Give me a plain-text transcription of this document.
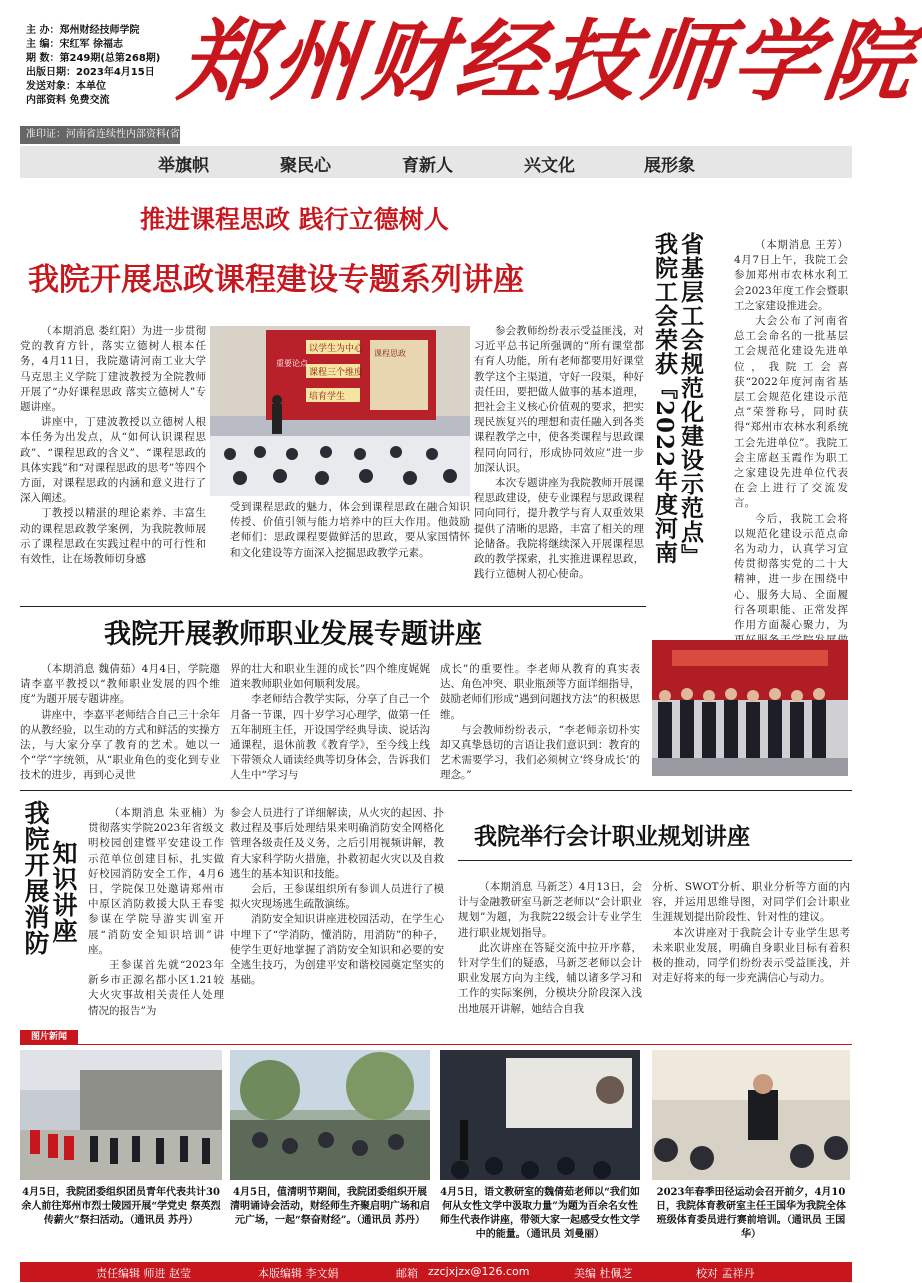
主 办：郑州财经技师学院
主 编：宋红军 徐福志
期 数：第249期(总第268期)
出版日期：2023年4月15日
发送对象：本单位
内部资料 免费交流 郑州财经技师学院
准印证：河南省连续性内部资料(省
举旗帜	聚民心	育新人	兴文化	展形象
推进课程思政 践行立德树人
我院开展思政课程建设专题系列讲座

（本期消息 娄红阳）为进一步贯彻党的教育方针，落实立德树人根本任务，4月11日，我院邀请河南工业大学马克思主义学院丁建波教授为全院教师开展了“办好课程思政 落实立德树人”专题讲座。

讲座中，丁建波教授以立德树人根本任务为出发点，从“如何认识课程思政”、“课程思政的含义”、“课程思政的具体实践”和“对课程思政的思考”等四个方面，对课程思政的内涵和意义进行了深入阐述。

丁教授以精湛的理论素养、丰富生动的课程思政教学案例，为我院教师展示了课程思政在实践过程中的可行性和有效性，让在场教师切身感

以学生为中心
课程三个维度
培育学生
重要论点
课程思政

受到课程思政的魅力，体会到课程思政在融合知识传授、价值引领与能力培养中的巨大作用。他鼓励老师们：思政课程要做鲜活的思政，要从家国情怀和文化建设等方面深入挖掘思政教学元素。

参会教师纷纷表示受益匪浅，对习近平总书记所强调的“所有课堂都有育人功能，所有老师都要用好课堂教学这个主渠道，守好一段渠，种好责任田，要把做人做事的基本道理，把社会主义核心价值观的要求，把实现民族复兴的理想和责任融入到各类课程教学之中，使各类课程与思政课程同向同行，形成协同效应”进一步加深认识。

本次专题讲座为我院教师开展课程思政建设，使专业课程与思政课程同向同行，提升教学与育人双重效果提供了清晰的思路，丰富了相关的理论储备。我院将继续深入开展课程思政的教学探索，扎实推进课程思政，践行立德树人初心使命。

省基层工会规范化建设示范点』
我院工会荣获『2022年度河南	（本期消息 王芳）4月7日上午，我院工会参加郑州市农林水利工会2023年度工作会暨职工之家建设推进会。

大会公布了河南省总工会命名的一批基层工会规范化建设先进单位，我院工会喜获“2022年度河南省基层工会规范化建设示范点”荣誉称号，同时获得“郑州市农林水利系统工会先进单位”。我院工会主席赵玉霞作为职工之家建设先进单位代表在会上进行了交流发言。

今后，我院工会将以规范化建设示范点命名为动力，认真学习宣传贯彻落实党的二十大精神，进一步在围绕中心、服务大局、全面履行各项职能、正常发挥作用方面凝心聚力，为

我院开展教师职业发展专题讲座

（本期消息 魏倩茹）4月4日，学院邀请李嘉平教授以“教师职业发展的四个维度”为题开展专题讲座。

讲座中，李嘉平老师结合自己三十余年的从教经验，以生动的方式和鲜活的实操方法，与大家分享了教育的艺术。她以一个“学”字统领，从“职业角色的变化到专业技术的进步，再到心灵世

界的壮大和职业生涯的成长”四个维度娓娓道来教师职业如何顺利发展。

李老师结合教学实际，分享了自己一个月备一节课，四十岁学习心理学，做第一任五年制班主任，开设国学经典导读、说话沟通课程，退休前教《教育学》，至今线上线下带领众人诵读经典等切身体会，告诉我们人生中“学习与

成长”的重要性。李老师从教育的真实表达、角色冲突、职业瓶颈等方面详细指导，鼓励老师们形成“遇到问题找方法”的积极思维。

与会教师纷纷表示，“李老师亲切朴实却又真挚恳切的言语让我们意识到：教育的艺术需要学习，我们必须树立‘终身成长’的理念。”

我院开展消防 知识讲座

（本期消息 朱亚楠）为贯彻落实学院2023年省级文明校园创建暨平安建设工作示范单位创建目标，扎实做好校园消防安全工作，4月6日，学院保卫处邀请郑州市中原区消防救援大队王春雯参谋在学院导游实训室开展“消防安全知识培训”讲座。

王参谋首先就“2023年新乡市正源名都小区1.21较大火灾事故相关责任人处理情况的报告”为

参会人员进行了详细解读，从火灾的起因、扑救过程及事后处理结果来明确消防安全网格化管理各级责任及义务，之后引用视频讲解，教育大家科学防火措施，扑救初起火灾以及自救逃生的基本知识和技能。

会后，王参谋组织所有参训人员进行了模拟火灾现场逃生疏散演练。

消防安全知识讲座进校园活动，在学生心中埋下了“学消防，懂消防，用消防”的种子，使学生更好地掌握了消防安全知识和必要的安全逃生技巧，为创建平安和谐校园奠定坚实的基础。

我院举行会计职业规划讲座

（本期消息 马新芝）4月13日，会计与金融教研室马新芝老师以“会计职业规划”为题，为我院22级会计专业学生进行职业规划指导。

此次讲座在答疑交流中拉开序幕，针对学生们的疑惑，马新芝老师以会计职业发展方向为主线，辅以诸多学习和工作的实际案例，分模块分阶段深入浅出地展开讲解，她结合自我

分析、SWOT分析、职业分析等方面的内容，并运用思维导图，对同学们会计职业生涯规划提出阶段性、针对性的建议。

本次讲座对于我院会计专业学生思考未来职业发展，明确自身职业目标有着积极的推动，同学们纷纷表示受益匪浅，并对走好将来的每一步充满信心与动力。

图片新闻
4月5日，我院团委组织团员青年代表共计30余人前往郑州市烈士陵园开展“学党史 祭英烈 传薪火”祭扫活动。（通讯员 苏丹）
4月5日，值清明节期间，我院团委组织开展清明诵诗会活动，财经师生齐聚启明广场和启元广场，一起“祭奋财经”。（通讯员 苏丹）
4月5日，语文教研室的魏倩茹老师以“我们如何从女性文学中汲取力量”为题为百余名女性师生代表作讲座，带领大家一起感受女性文学中的能量。（通讯员 刘曼丽）
2023年春季田径运动会召开前夕，4月10日，我院体育教研室主任王国华为我院全体班级体育委员进行赛前培训。（通讯员 王国华）
责任编辑 师进 赵莹	本版编辑 李文娟	邮箱 zzcjxjzx@126.com	美编 杜佩芝	校对 孟祥丹
